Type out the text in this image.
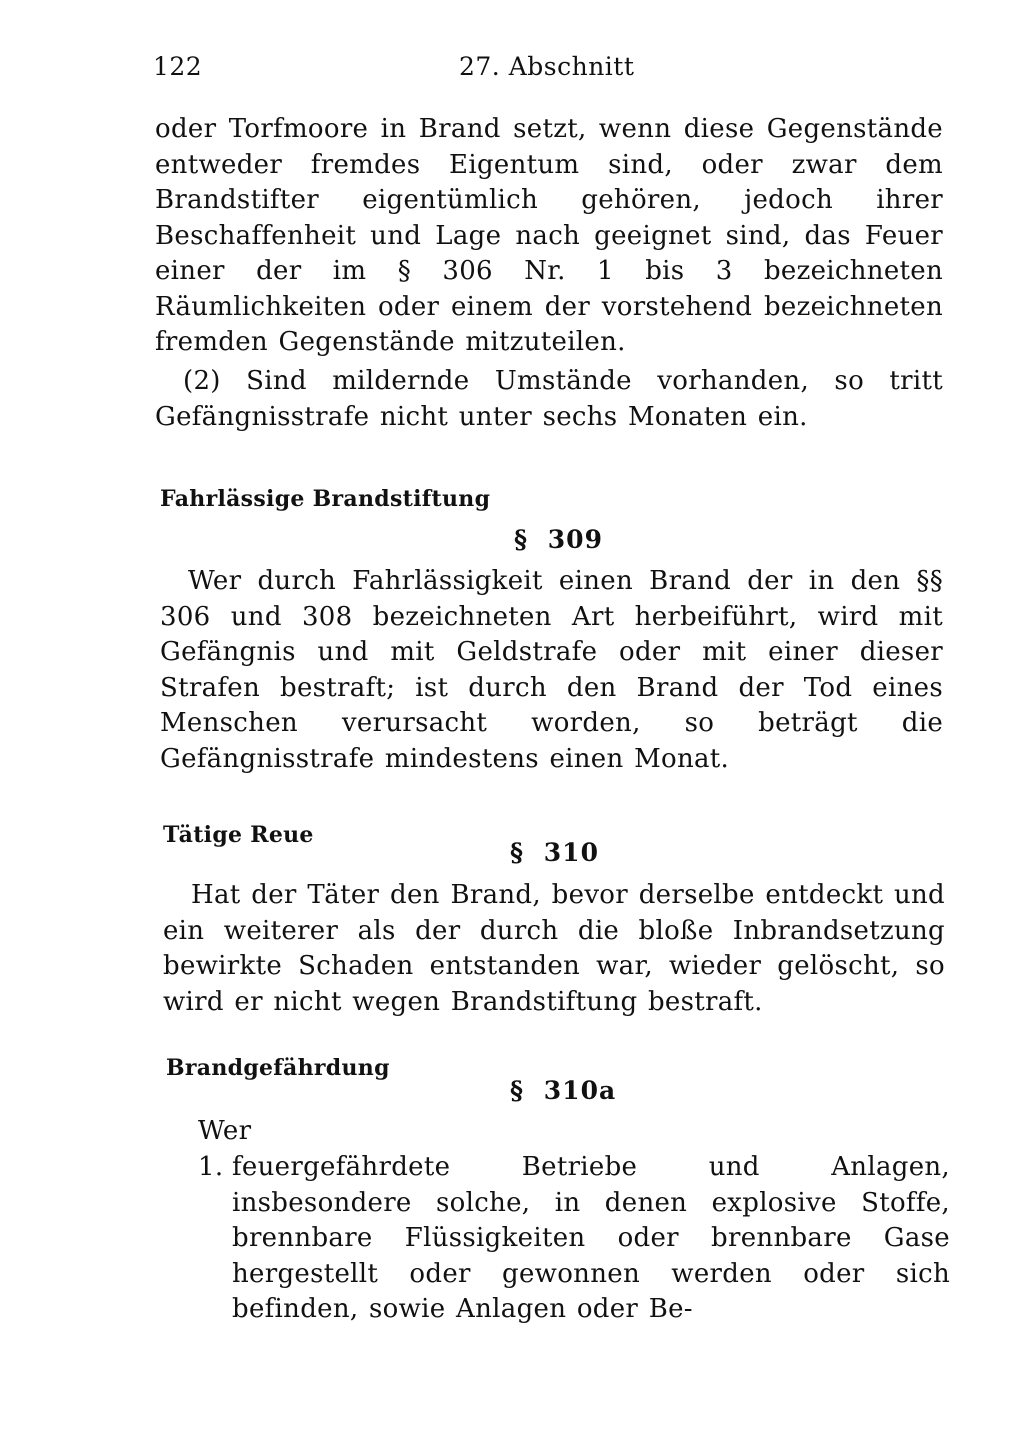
122	27. Abschnitt
oder Torfmoore in Brand setzt, wenn diese Gegenstände entweder fremdes Eigentum sind, oder zwar dem Brandstifter eigentümlich gehören, jedoch ihrer Beschaffenheit und Lage nach geeignet sind, das Feuer einer der im § 306 Nr. 1 bis 3 bezeichneten Räumlichkeiten oder einem der vorstehend bezeichneten fremden Gegenstände mitzuteilen.
(2) Sind mildernde Umstände vorhanden, so tritt Gefängnisstrafe nicht unter sechs Monaten ein.
Fahrlässige Brandstiftung
§ 309
Wer durch Fahrlässigkeit einen Brand der in den §§ 306 und 308 bezeichneten Art herbeiführt, wird mit Gefängnis und mit Geldstrafe oder mit einer dieser Strafen bestraft; ist durch den Brand der Tod eines Menschen verursacht worden, so beträgt die Gefängnisstrafe mindestens einen Monat.
Tätige Reue
§ 310
Hat der Täter den Brand, bevor derselbe entdeckt und ein weiterer als der durch die bloße Inbrandsetzung bewirkte Schaden entstanden war, wieder gelöscht, so wird er nicht wegen Brandstiftung bestraft.
Brandgefährdung
§ 310a
Wer
1. feuergefährdete Betriebe und Anlagen, insbesondere solche, in denen explosive Stoffe, brennbare Flüssigkeiten oder brennbare Gase hergestellt oder gewonnen werden oder sich befinden, sowie Anlagen oder Be-
